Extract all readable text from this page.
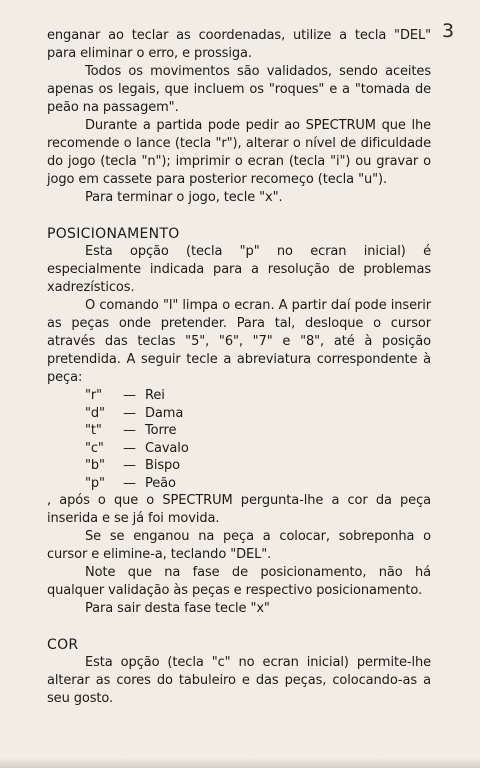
3

enganar ao teclar as coordenadas, utilize a tecla "DEL" para eliminar o erro, e prossiga.

Todos os movimentos são validados, sendo aceites apenas os legais, que incluem os "roques" e a "tomada de peão na passagem".

Durante a partida pode pedir ao SPECTRUM que lhe recomende o lance (tecla "r"), alterar o nível de dificuldade do jogo (tecla "n"); imprimir o ecran (tecla "i") ou gravar o jogo em cassete para posterior recomeço (tecla "u").

Para terminar o jogo, tecle "x".

POSICIONAMENTO

Esta opção (tecla "p" no ecran inicial) é especialmente indicada para a resolução de problemas xadrezísticos.

O comando "l" limpa o ecran. A partir daí pode inserir as peças onde pretender. Para tal, desloque o cursor através das teclas "5", "6", "7" e "8", até à posição pretendida. A seguir tecle a abreviatura correspondente à peça:

"r"	— Rei
"d"	— Dama
"t"	— Torre
"c"	— Cavalo
"b"	— Bispo
"p"	— Peão

, após o que o SPECTRUM pergunta-lhe a cor da peça inserida e se já foi movida.

Se se enganou na peça a colocar, sobreponha o cursor e elimine-a, teclando "DEL".

Note que na fase de posicionamento, não há qualquer validação às peças e respectivo posicionamento.

Para sair desta fase tecle "x"

COR

Esta opção (tecla "c" no ecran inicial) permite-lhe alterar as cores do tabuleiro e das peças, colocando-as a seu gosto.
